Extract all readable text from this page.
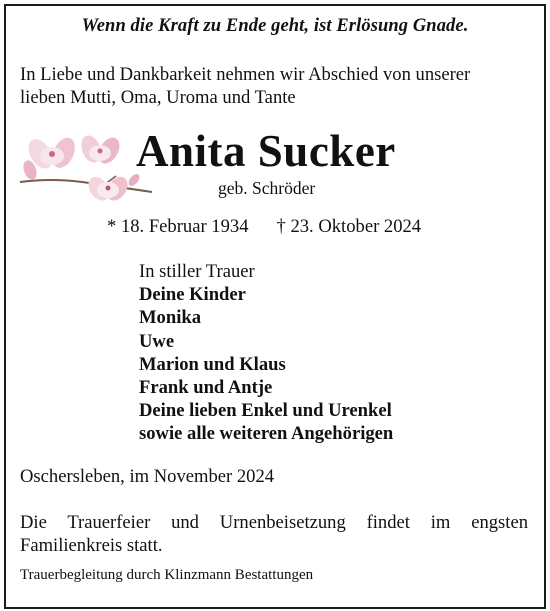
Wenn die Kraft zu Ende geht, ist Erlösung Gnade.
In Liebe und Dankbarkeit nehmen wir Abschied von unserer
lieben Mutti, Oma, Uroma und Tante
Anita Sucker
geb. Schröder
* 18. Februar 1934 † 23. Oktober 2024
In stiller Trauer
Deine Kinder
Monika
Uwe
Marion und Klaus
Frank und Antje
Deine lieben Enkel und Urenkel
sowie alle weiteren Angehörigen
Oschersleben, im November 2024
Die Trauerfeier und Urnenbeisetzung findet im engsten
Familienkreis statt.
Trauerbegleitung durch Klinzmann Bestattungen
